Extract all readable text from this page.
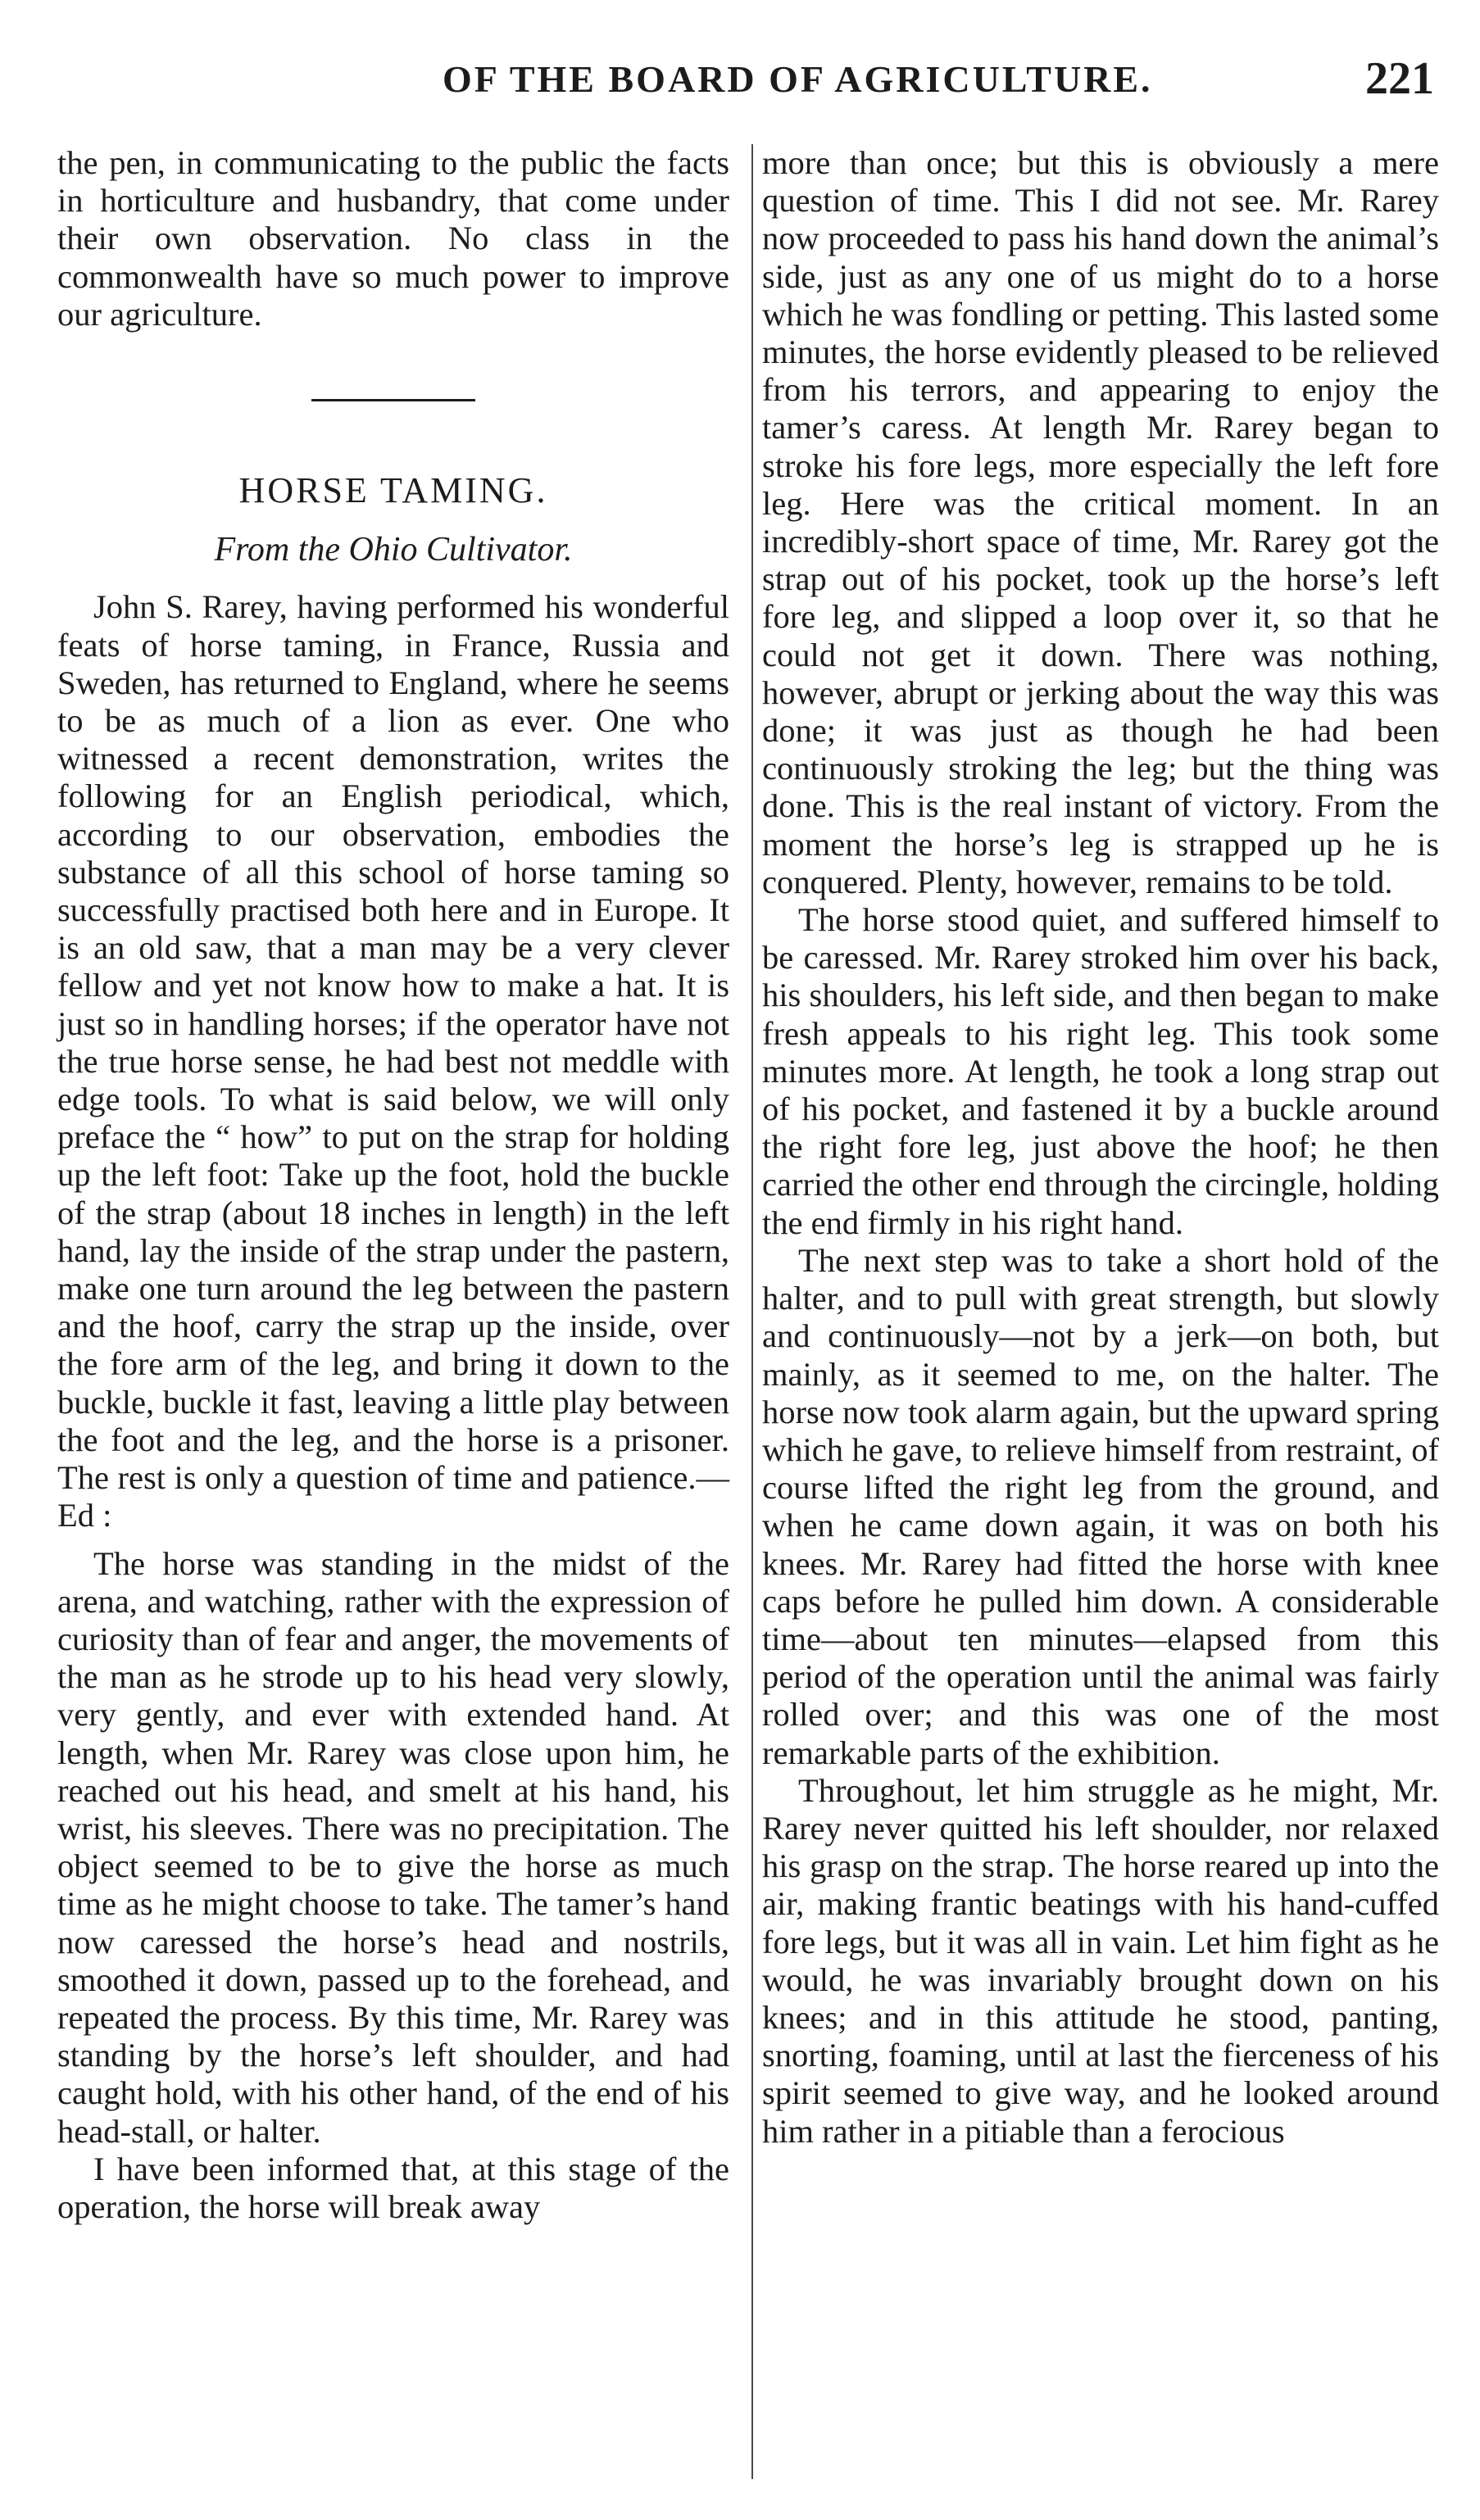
OF THE BOARD OF AGRICULTURE.	221

the pen, in communicating to the public the facts in horticulture and husbandry, that come under their own observation. No class in the commonwealth have so much power to improve our agriculture.

HORSE TAMING.

From the Ohio Cultivator.

John S. Rarey, having performed his wonderful feats of horse taming, in France, Russia and Sweden, has returned to England, where he seems to be as much of a lion as ever. One who witnessed a recent demonstration, writes the following for an English periodical, which, according to our observation, embodies the substance of all this school of horse taming so successfully practised both here and in Europe. It is an old saw, that a man may be a very clever fellow and yet not know how to make a hat. It is just so in handling horses; if the operator have not the true horse sense, he had best not meddle with edge tools. To what is said below, we will only preface the “ how” to put on the strap for holding up the left foot: Take up the foot, hold the buckle of the strap (about 18 inches in length) in the left hand, lay the inside of the strap under the pastern, make one turn around the leg between the pastern and the hoof, carry the strap up the inside, over the fore arm of the leg, and bring it down to the buckle, buckle it fast, leaving a little play between the foot and the leg, and the horse is a prisoner. The rest is only a question of time and patience.—Ed :

The horse was standing in the midst of the arena, and watching, rather with the expression of curiosity than of fear and anger, the movements of the man as he strode up to his head very slowly, very gently, and ever with extended hand. At length, when Mr. Rarey was close upon him, he reached out his head, and smelt at his hand, his wrist, his sleeves. There was no precipitation. The object seemed to be to give the horse as much time as he might choose to take. The tamer’s hand now caressed the horse’s head and nostrils, smoothed it down, passed up to the forehead, and repeated the process. By this time, Mr. Rarey was standing by the horse’s left shoulder, and had caught hold, with his other hand, of the end of his head-stall, or halter.

I have been informed that, at this stage of the operation, the horse will break away

more than once; but this is obviously a mere question of time. This I did not see. Mr. Rarey now proceeded to pass his hand down the animal’s side, just as any one of us might do to a horse which he was fondling or petting. This lasted some minutes, the horse evidently pleased to be relieved from his terrors, and appearing to enjoy the tamer’s caress. At length Mr. Rarey began to stroke his fore legs, more especially the left fore leg. Here was the critical moment. In an incredibly-short space of time, Mr. Rarey got the strap out of his pocket, took up the horse’s left fore leg, and slipped a loop over it, so that he could not get it down. There was nothing, however, abrupt or jerking about the way this was done; it was just as though he had been continuously stroking the leg; but the thing was done. This is the real instant of victory. From the moment the horse’s leg is strapped up he is conquered. Plenty, however, remains to be told.

The horse stood quiet, and suffered himself to be caressed. Mr. Rarey stroked him over his back, his shoulders, his left side, and then began to make fresh appeals to his right leg. This took some minutes more. At length, he took a long strap out of his pocket, and fastened it by a buckle around the right fore leg, just above the hoof; he then carried the other end through the circingle, holding the end firmly in his right hand.

The next step was to take a short hold of the halter, and to pull with great strength, but slowly and continuously—not by a jerk—on both, but mainly, as it seemed to me, on the halter. The horse now took alarm again, but the upward spring which he gave, to relieve himself from restraint, of course lifted the right leg from the ground, and when he came down again, it was on both his knees. Mr. Rarey had fitted the horse with knee caps before he pulled him down. A considerable time—about ten minutes—elapsed from this period of the operation until the animal was fairly rolled over; and this was one of the most remarkable parts of the exhibition.

Throughout, let him struggle as he might, Mr. Rarey never quitted his left shoulder, nor relaxed his grasp on the strap. The horse reared up into the air, making frantic beatings with his hand-cuffed fore legs, but it was all in vain. Let him fight as he would, he was invariably brought down on his knees; and in this attitude he stood, panting, snorting, foaming, until at last the fierceness of his spirit seemed to give way, and he looked around him rather in a pitiable than a ferocious
